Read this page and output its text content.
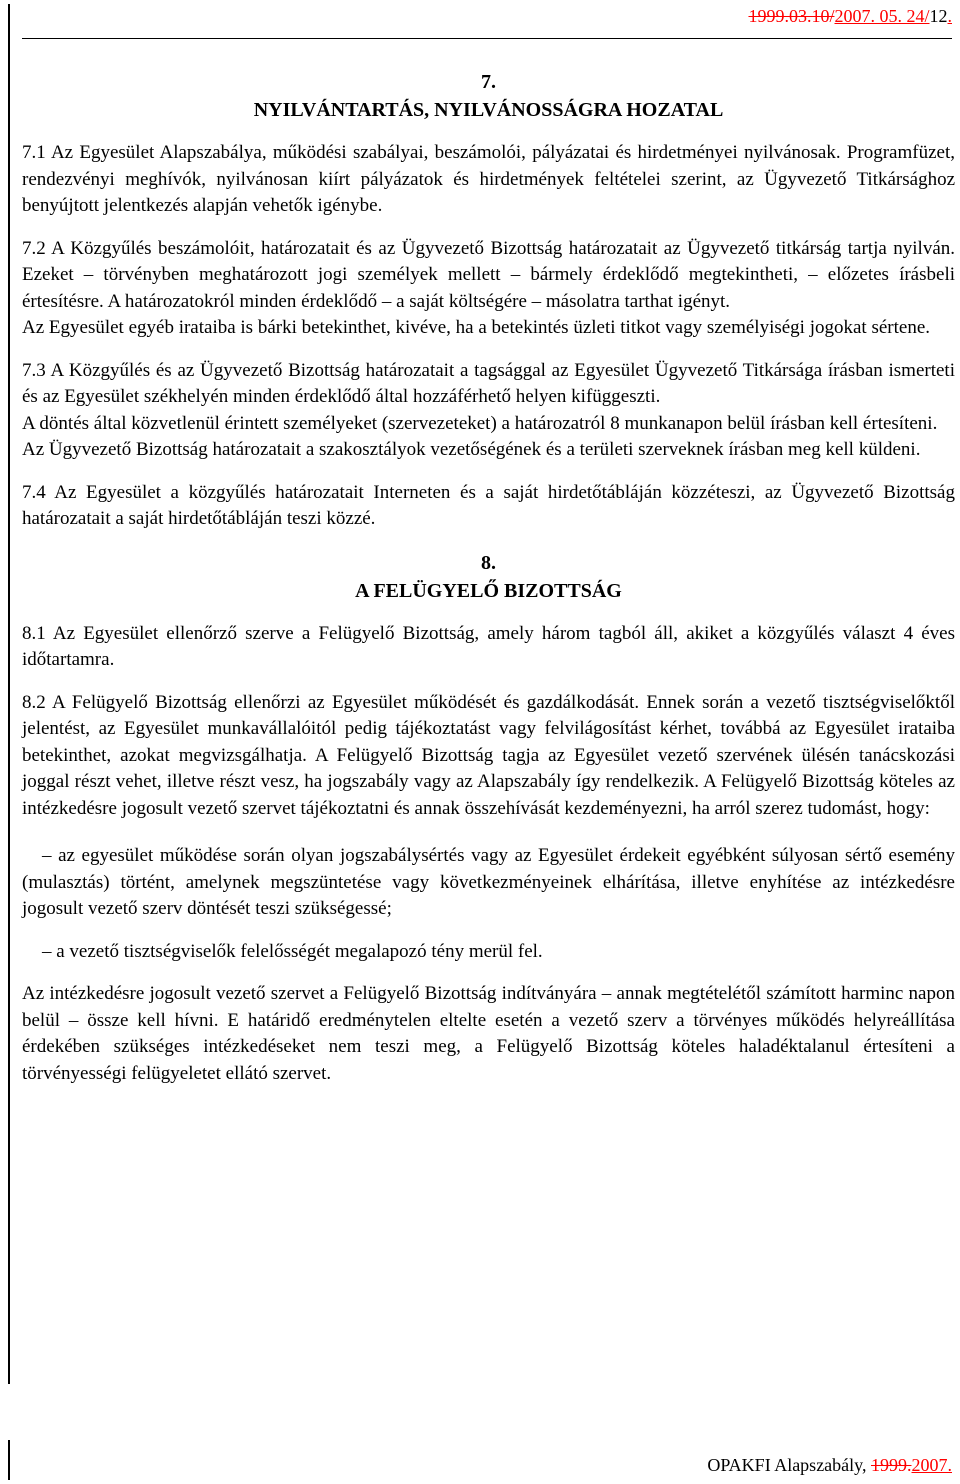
1999.03.10/2007. 05. 24/12.
7.
NYILVÁNTARTÁS, NYILVÁNOSSÁGRA HOZATAL

7.1 Az Egyesület Alapszabálya, működési szabályai, beszámolói, pályázatai és hirdetményei nyilvánosak. Programfüzet, rendezvényi meghívók, nyilvánosan kiírt pályázatok és hirdetmények feltételei szerint, az Ügyvezető Titkársághoz benyújtott jelentkezés alapján vehetők igénybe.

7.2 A Közgyűlés beszámolóit, határozatait és az Ügyvezető Bizottság határozatait az Ügyvezető titkárság tartja nyilván. Ezeket – törvényben meghatározott jogi személyek mellett – bármely érdeklődő megtekintheti, – előzetes írásbeli értesítésre. A határozatokról minden érdeklődő – a saját költségére – másolatra tarthat igényt.

Az Egyesület egyéb irataiba is bárki betekinthet, kivéve, ha a betekintés üzleti titkot vagy személyiségi jogokat sértene.

7.3 A Közgyűlés és az Ügyvezető Bizottság határozatait a tagsággal az Egyesület Ügyvezető Titkársága írásban ismerteti és az Egyesület székhelyén minden érdeklődő által hozzáférhető helyen kifüggeszti.

A döntés által közvetlenül érintett személyeket (szervezeteket) a határozatról 8 munkanapon belül írásban kell értesíteni.

Az Ügyvezető Bizottság határozatait a szakosztályok vezetőségének és a területi szerveknek írásban meg kell küldeni.

7.4 Az Egyesület a közgyűlés határozatait Interneten és a saját hirdetőtábláján közzéteszi, az Ügyvezető Bizottság határozatait a saját hirdetőtábláján teszi közzé.

8.
A FELÜGYELŐ BIZOTTSÁG

8.1 Az Egyesület ellenőrző szerve a Felügyelő Bizottság, amely három tagból áll, akiket a közgyűlés választ 4 éves időtartamra.

8.2 A Felügyelő Bizottság ellenőrzi az Egyesület működését és gazdálkodását. Ennek során a vezető tisztségviselőktől jelentést, az Egyesület munkavállalóitól pedig tájékoztatást vagy felvilágosítást kérhet, továbbá az Egyesület irataiba betekinthet, azokat megvizsgálhatja. A Felügyelő Bizottság tagja az Egyesület vezető szervének ülésén tanácskozási joggal részt vehet, illetve részt vesz, ha jogszabály vagy az Alapszabály így rendelkezik. A Felügyelő Bizottság köteles az intézkedésre jogosult vezető szervet tájékoztatni és annak összehívását kezdeményezni, ha arról szerez tudomást, hogy:

– az egyesület működése során olyan jogszabálysértés vagy az Egyesület érdekeit egyébként súlyosan sértő esemény (mulasztás) történt, amelynek megszüntetése vagy következményeinek elhárítása, illetve enyhítése az intézkedésre jogosult vezető szerv döntését teszi szükségessé;

– a vezető tisztségviselők felelősségét megalapozó tény merül fel.

Az intézkedésre jogosult vezető szervet a Felügyelő Bizottság indítványára – annak megtételétől számított harminc napon belül – össze kell hívni. E határidő eredménytelen eltelte esetén a vezető szerv a törvényes működés helyreállítása érdekében szükséges intézkedéseket nem teszi meg, a Felügyelő Bizottság köteles haladéktalanul értesíteni a törvényességi felügyeletet ellátó szervet.

OPAKFI Alapszabály, 1999.2007.
